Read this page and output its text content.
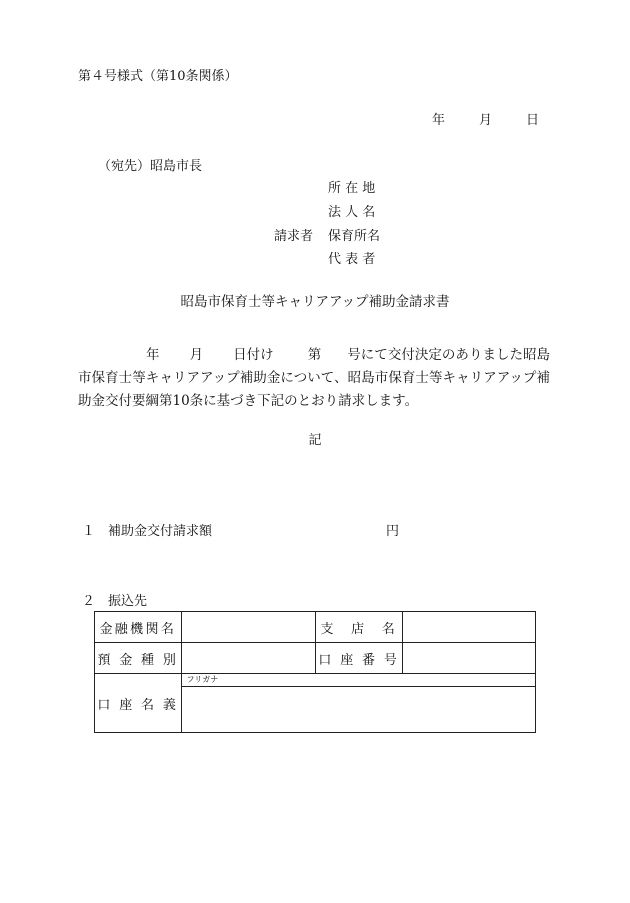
第４号様式（第10条関係）
年	月	日
（宛先）昭島市長
所 在 地
法 人 名
請求者 保育所名
代 表 者
昭島市保育士等キャリアアップ補助金請求書
年 月 日付け	第 号にて交付決定のありました昭島市保育士等キャリアアップ補助金について、昭島市保育士等キャリアアップ補助金交付要綱第10条に基づき下記のとおり請求します。
記
１　補助金交付請求額	円
２　振込先
金融機関名		支　店　名	
預 金 種 別		口 座 番 号	
口 座 名 義	フリガナ		
